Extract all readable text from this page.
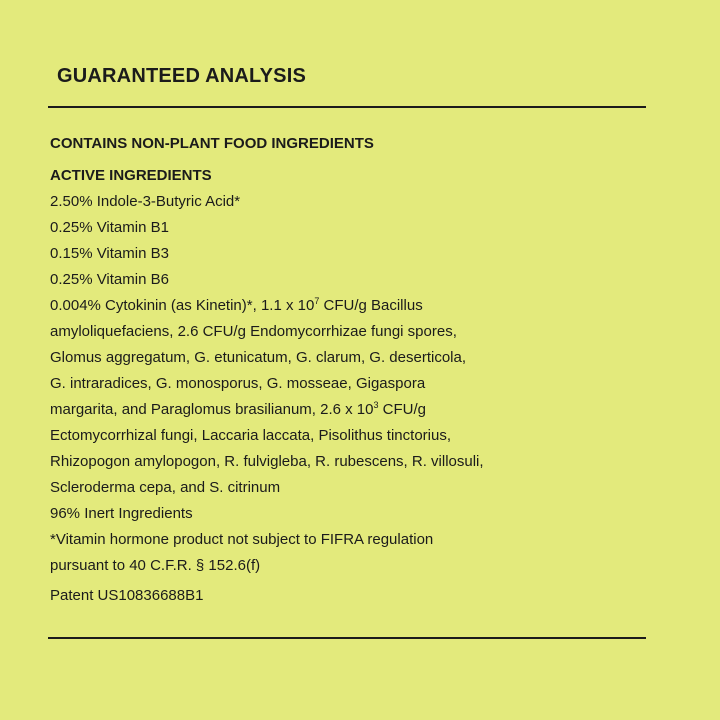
GUARANTEED ANALYSIS
CONTAINS NON-PLANT FOOD INGREDIENTS
ACTIVE INGREDIENTS
2.50% Indole-3-Butyric Acid*
0.25% Vitamin B1
0.15% Vitamin B3
0.25% Vitamin B6
0.004% Cytokinin (as Kinetin)*, 1.1 x $10^7$ CFU/g Bacillus
amyloliquefaciens, 2.6 CFU/g Endomycorrhizae fungi spores,
Glomus aggregatum, G. etunicatum, G. clarum, G. deserticola,
G. intraradices, G. monosporus, G. mosseae, Gigaspora
margarita, and Paraglomus brasilianum, 2.6 x $10^3$ CFU/g
Ectomycorrhizal fungi, Laccaria laccata, Pisolithus tinctorius,
Rhizopogon amylopogon, R. fulvigleba, R. rubescens, R. villosuli,
Scleroderma cepa, and S. citrinum
96% Inert Ingredients
*Vitamin hormone product not subject to FIFRA regulation
pursuant to 40 C.F.R. § 152.6(f)
Patent US10836688B1
